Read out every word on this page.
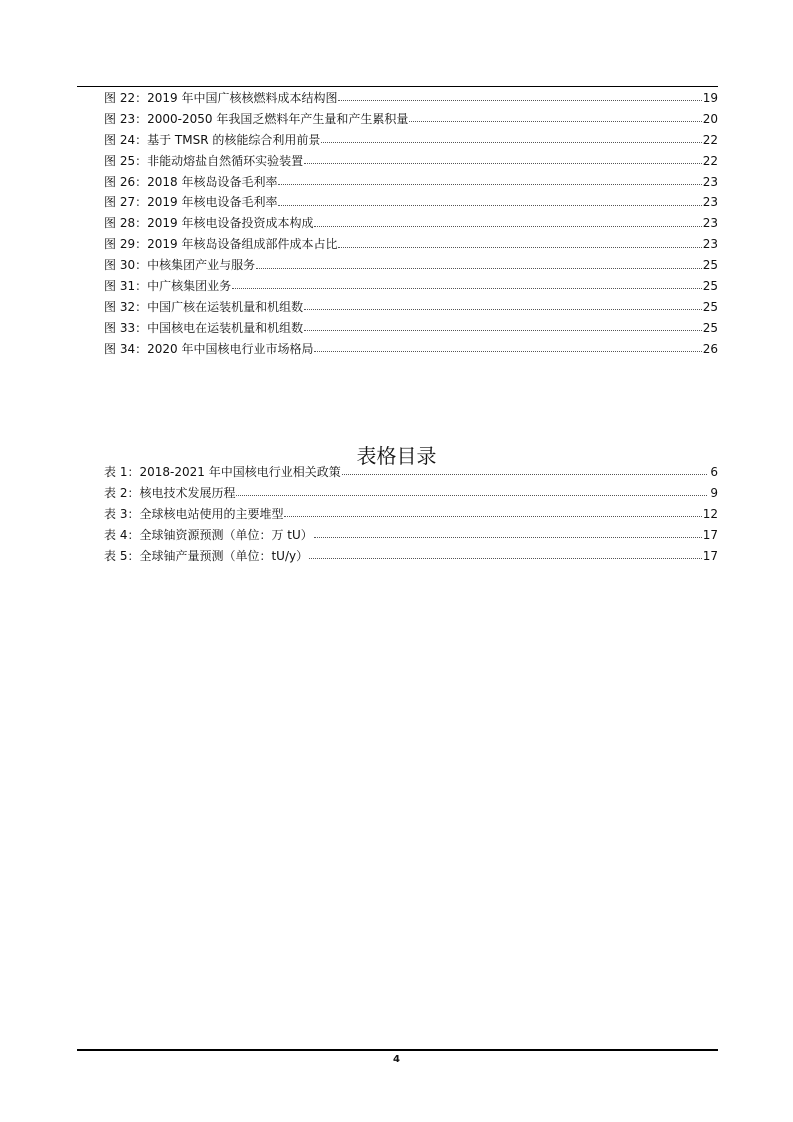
图 22 ： 2019 年中国广核核燃料成本结构图	19
图 23 ： 2000-2050 年我国乏燃料年产生量和产生累积量	20
图 24 ： 基于 TMSR 的核能综合利用前景	22
图 25 ： 非能动熔盐自然循环实验装置	22
图 26 ： 2018 年核岛设备毛利率	23
图 27 ： 2019 年核电设备毛利率	23
图 28 ： 2019 年核电设备投资成本构成	23
图 29 ： 2019 年核岛设备组成部件成本占比	23
图 30 ： 中核集团产业与服务	25
图 31 ： 中广核集团业务	25
图 32 ： 中国广核在运装机量和机组数	25
图 33 ： 中国核电在运装机量和机组数	25
图 34 ： 2020 年中国核电行业市场格局	26
表格目录
表 1 ： 2018-2021 年中国核电行业相关政策	6
表 2 ： 核电技术发展历程	9
表 3 ： 全球核电站使用的主要堆型	12
表 4 ： 全球铀资源预测（单位：万 tU）	17
表 5 ： 全球铀产量预测（单位：tU/y）	17
4
